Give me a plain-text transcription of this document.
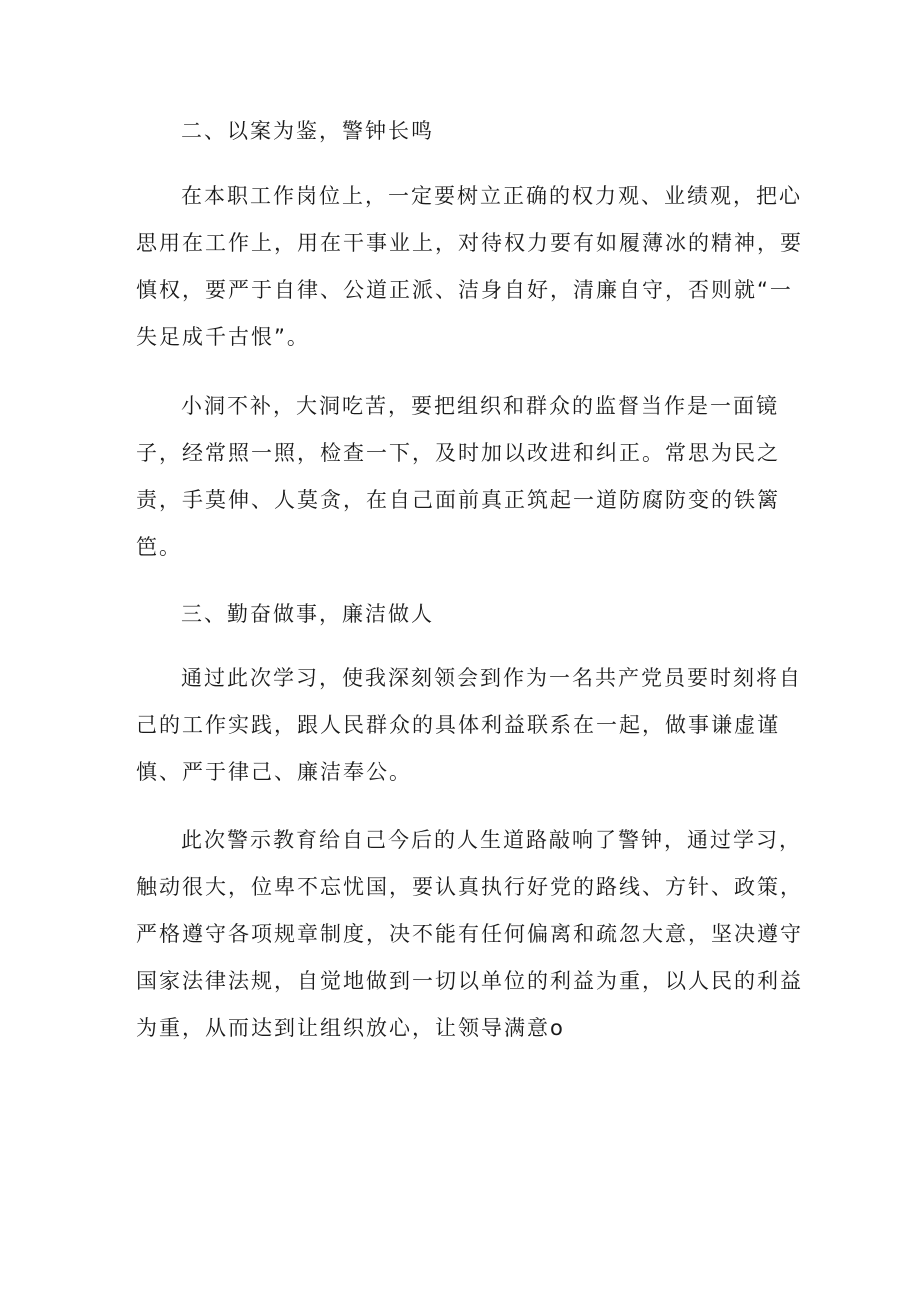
二、以案为鉴，警钟长鸣
在本职工作岗位上，一定要树立正确的权力观、业绩观，把心
思用在工作上，用在干事业上，对待权力要有如履薄冰的精神，要
慎权，要严于自律、公道正派、洁身自好，清廉自守，否则就“一
失足成千古恨”。
小洞不补，大洞吃苦，要把组织和群众的监督当作是一面镜
子，经常照一照，检查一下，及时加以改进和纠正。常思为民之
责，手莫伸、人莫贪，在自己面前真正筑起一道防腐防变的铁篱
笆。
三、勤奋做事，廉洁做人
通过此次学习，使我深刻领会到作为一名共产党员要时刻将自
己的工作实践，跟人民群众的具体利益联系在一起，做事谦虚谨
慎、严于律己、廉洁奉公。
此次警示教育给自己今后的人生道路敲响了警钟，通过学习，
触动很大，位卑不忘忧国，要认真执行好党的路线、方针、政策，
严格遵守各项规章制度，决不能有任何偏离和疏忽大意，坚决遵守
国家法律法规，自觉地做到一切以单位的利益为重，以人民的利益
为重，从而达到让组织放心，让领导满意o
